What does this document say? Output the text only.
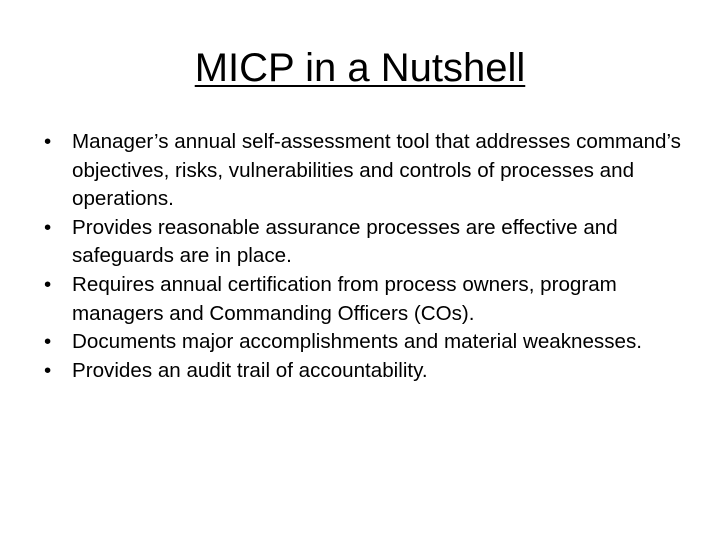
MICP in a Nutshell
•	Manager’s annual self-assessment tool that addresses command’s objectives, risks, vulnerabilities and controls of processes and operations.
•	Provides reasonable assurance processes are effective and safeguards are in place.
•	Requires annual certification from process owners, program managers and Commanding Officers (COs).
•	Documents major accomplishments and material weaknesses.
•	Provides an audit trail of accountability.
